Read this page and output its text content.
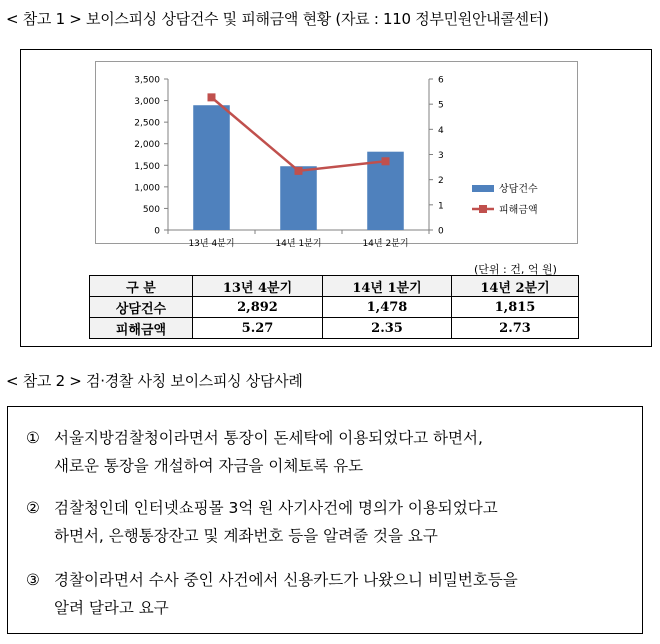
< 참고 1 > 보이스피싱 상담건수 및 피해금액 현황 (자료 : 110 정부민원안내콜센터)
0
500
1,000
1,500
2,000
2,500
3,000
3,500
0
1
2
3
4
5
6
13년 4분기	14년 1분기	14년 2분기
상담건수
피해금액
(단위 : 건, 억 원)
구 분	13년 4분기	14년 1분기	14년 2분기
상담건수	2,892	1,478	1,815
피해금액	5.27	2.35	2.73
< 참고 2 > 검·경찰 사칭 보이스피싱 상담사례
① 서울지방검찰청이라면서 통장이 돈세탁에 이용되었다고 하면서,
새로운 통장을 개설하여 자금을 이체토록 유도
② 검찰청인데 인터넷쇼핑몰 3억 원 사기사건에 명의가 이용되었다고
하면서, 은행통장잔고 및 계좌번호 등을 알려줄 것을 요구
③ 경찰이라면서 수사 중인 사건에서 신용카드가 나왔으니 비밀번호등을
알려 달라고 요구
